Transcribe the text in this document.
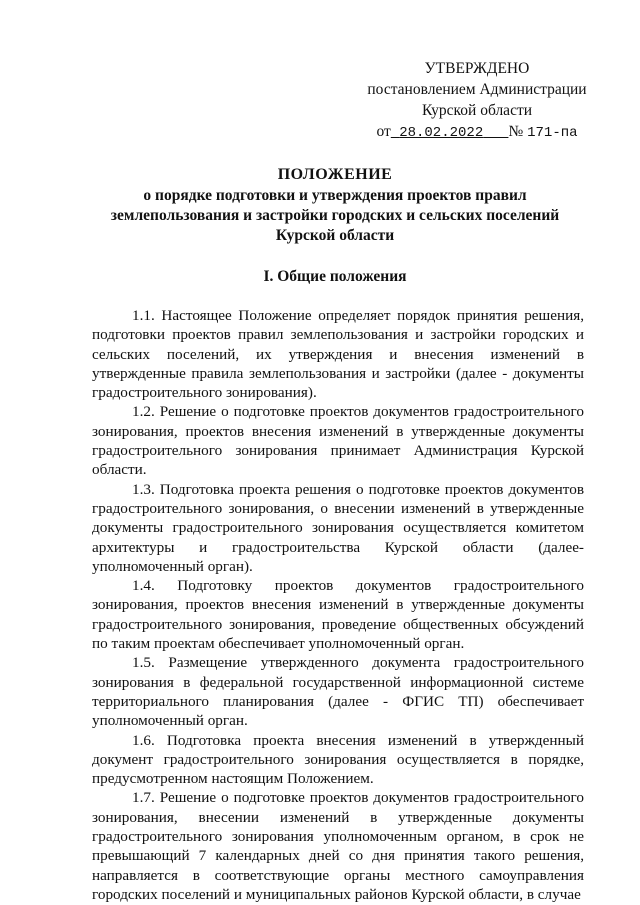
УТВЕРЖДЕНО
постановлением Администрации
Курской области
от 28.02.2022 № 171-па
ПОЛОЖЕНИЕ
о порядке подготовки и утверждения проектов правил
землепользования и застройки городских и сельских поселений
Курской области
I. Общие положения

1.1. Настоящее Положение определяет порядок принятия решения, подготовки проектов правил землепользования и застройки городских и сельских поселений, их утверждения и внесения изменений в утвержденные правила землепользования и застройки (далее - документы градостроительного зонирования).

1.2. Решение о подготовке проектов документов градостроительного зонирования, проектов внесения изменений в утвержденные документы градостроительного зонирования принимает Администрация Курской области.

1.3. Подготовка проекта решения о подготовке проектов документов градостроительного зонирования, о внесении изменений в утвержденные документы градостроительного зонирования осуществляется комитетом архитектуры и градостроительства Курской области (далее-уполномоченный орган).

1.4. Подготовку проектов документов градостроительного зонирования, проектов внесения изменений в утвержденные документы градостроительного зонирования, проведение общественных обсуждений по таким проектам обеспечивает уполномоченный орган.

1.5. Размещение утвержденного документа градостроительного зонирования в федеральной государственной информационной системе территориального планирования (далее - ФГИС ТП) обеспечивает уполномоченный орган.

1.6. Подготовка проекта внесения изменений в утвержденный документ градостроительного зонирования осуществляется в порядке, предусмотренном настоящим Положением.

1.7. Решение о подготовке проектов документов градостроительного зонирования, внесении изменений в утвержденные документы градостроительного зонирования уполномоченным органом, в срок не превышающий 7 календарных дней со дня принятия такого решения, направляется в соответствующие органы местного самоуправления городских поселений и муниципальных районов Курской области, в случае
